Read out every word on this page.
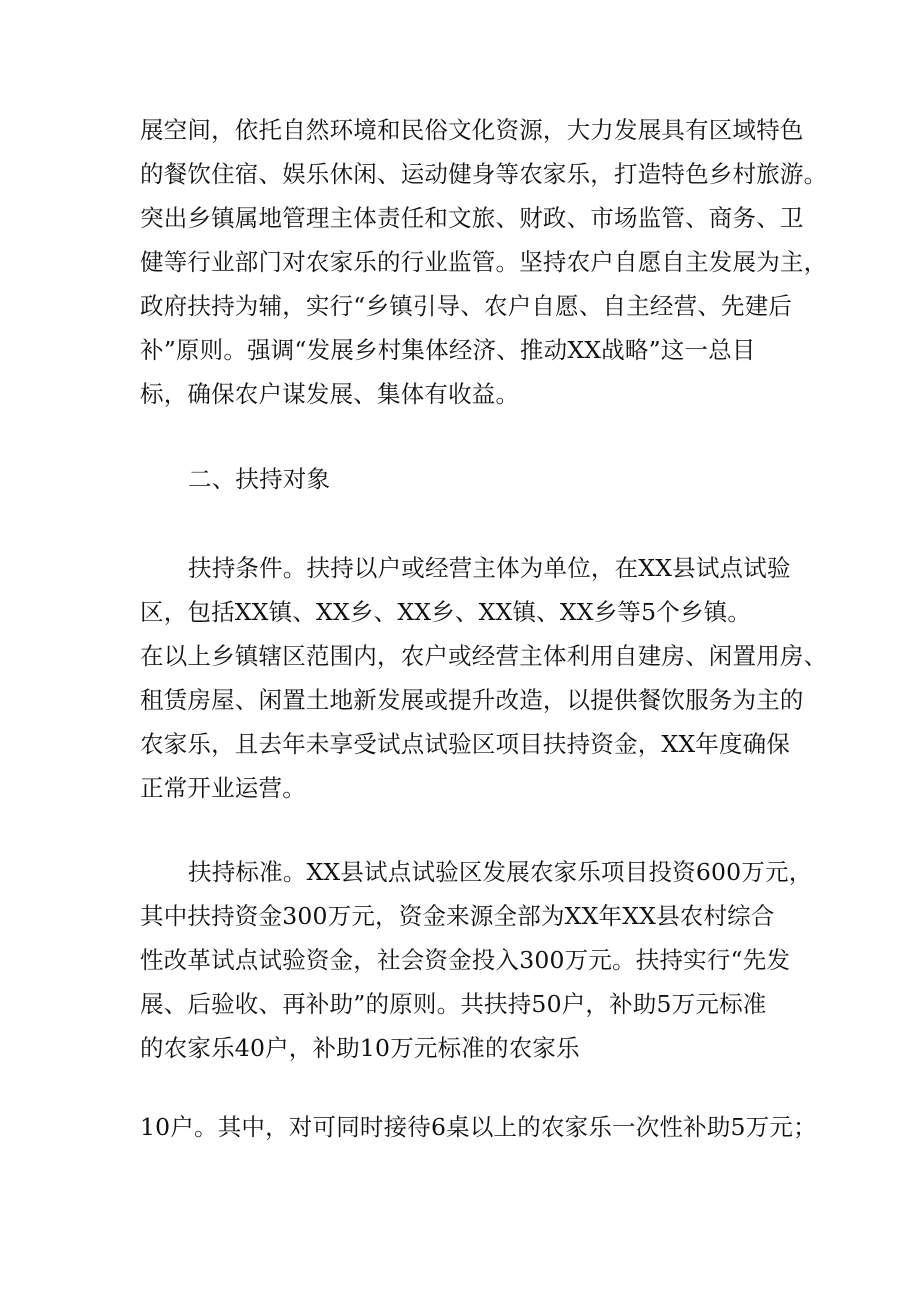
展空间，依托自然环境和民俗文化资源，大力发展具有区域特色
的餐饮住宿、娱乐休闲、运动健身等农家乐，打造特色乡村旅游。
突出乡镇属地管理主体责任和文旅、财政、市场监管、商务、卫
健等行业部门对农家乐的行业监管。坚持农户自愿自主发展为主，
政府扶持为辅，实行“乡镇引导、农户自愿、自主经营、先建后
补”原则。强调“发展乡村集体经济、推动XX战略”这一总目
标，确保农户谋发展、集体有收益。
二、扶持对象
扶持条件。扶持以户或经营主体为单位，在XX县试点试验
区，包括XX镇、XX乡、XX乡、XX镇、XX乡等5个乡镇。
在以上乡镇辖区范围内，农户或经营主体利用自建房、闲置用房、
租赁房屋、闲置土地新发展或提升改造，以提供餐饮服务为主的
农家乐，且去年未享受试点试验区项目扶持资金，XX年度确保
正常开业运营。
扶持标准。XX县试点试验区发展农家乐项目投资600万元，
其中扶持资金300万元，资金来源全部为XX年XX县农村综合
性改革试点试验资金，社会资金投入300万元。扶持实行“先发
展、后验收、再补助”的原则。共扶持50户，补助5万元标准
的农家乐40户，补助10万元标准的农家乐
10户。其中，对可同时接待6桌以上的农家乐一次性补助5万元；
